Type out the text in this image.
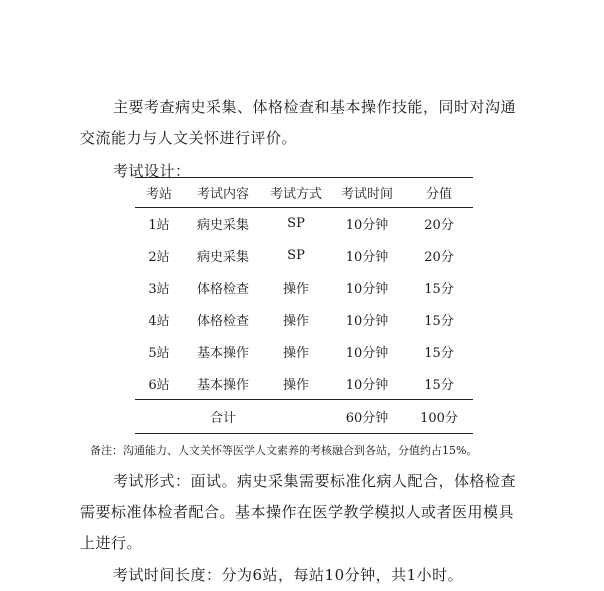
主要考查病史采集、体格检查和基本操作技能，同时对沟通
交流能力与人文关怀进行评价。

考试设计：

考站	考试内容	考试方式	考试时间	分值
1站	病史采集	SP	10分钟	20分
2站	病史采集	SP	10分钟	20分
3站	体格检查	操作	10分钟	15分
4站	体格检查	操作	10分钟	15分
5站	基本操作	操作	10分钟	15分
6站	基本操作	操作	10分钟	15分
	合计		60分钟	100分

备注：沟通能力、人文关怀等医学人文素养的考核融合到各站，分值约占15%。

考试形式：面试。病史采集需要标准化病人配合，体格检查
需要标准体检者配合。基本操作在医学教学模拟人或者医用模具
上进行。

考试时间长度：分为6站，每站10分钟，共1小时。
